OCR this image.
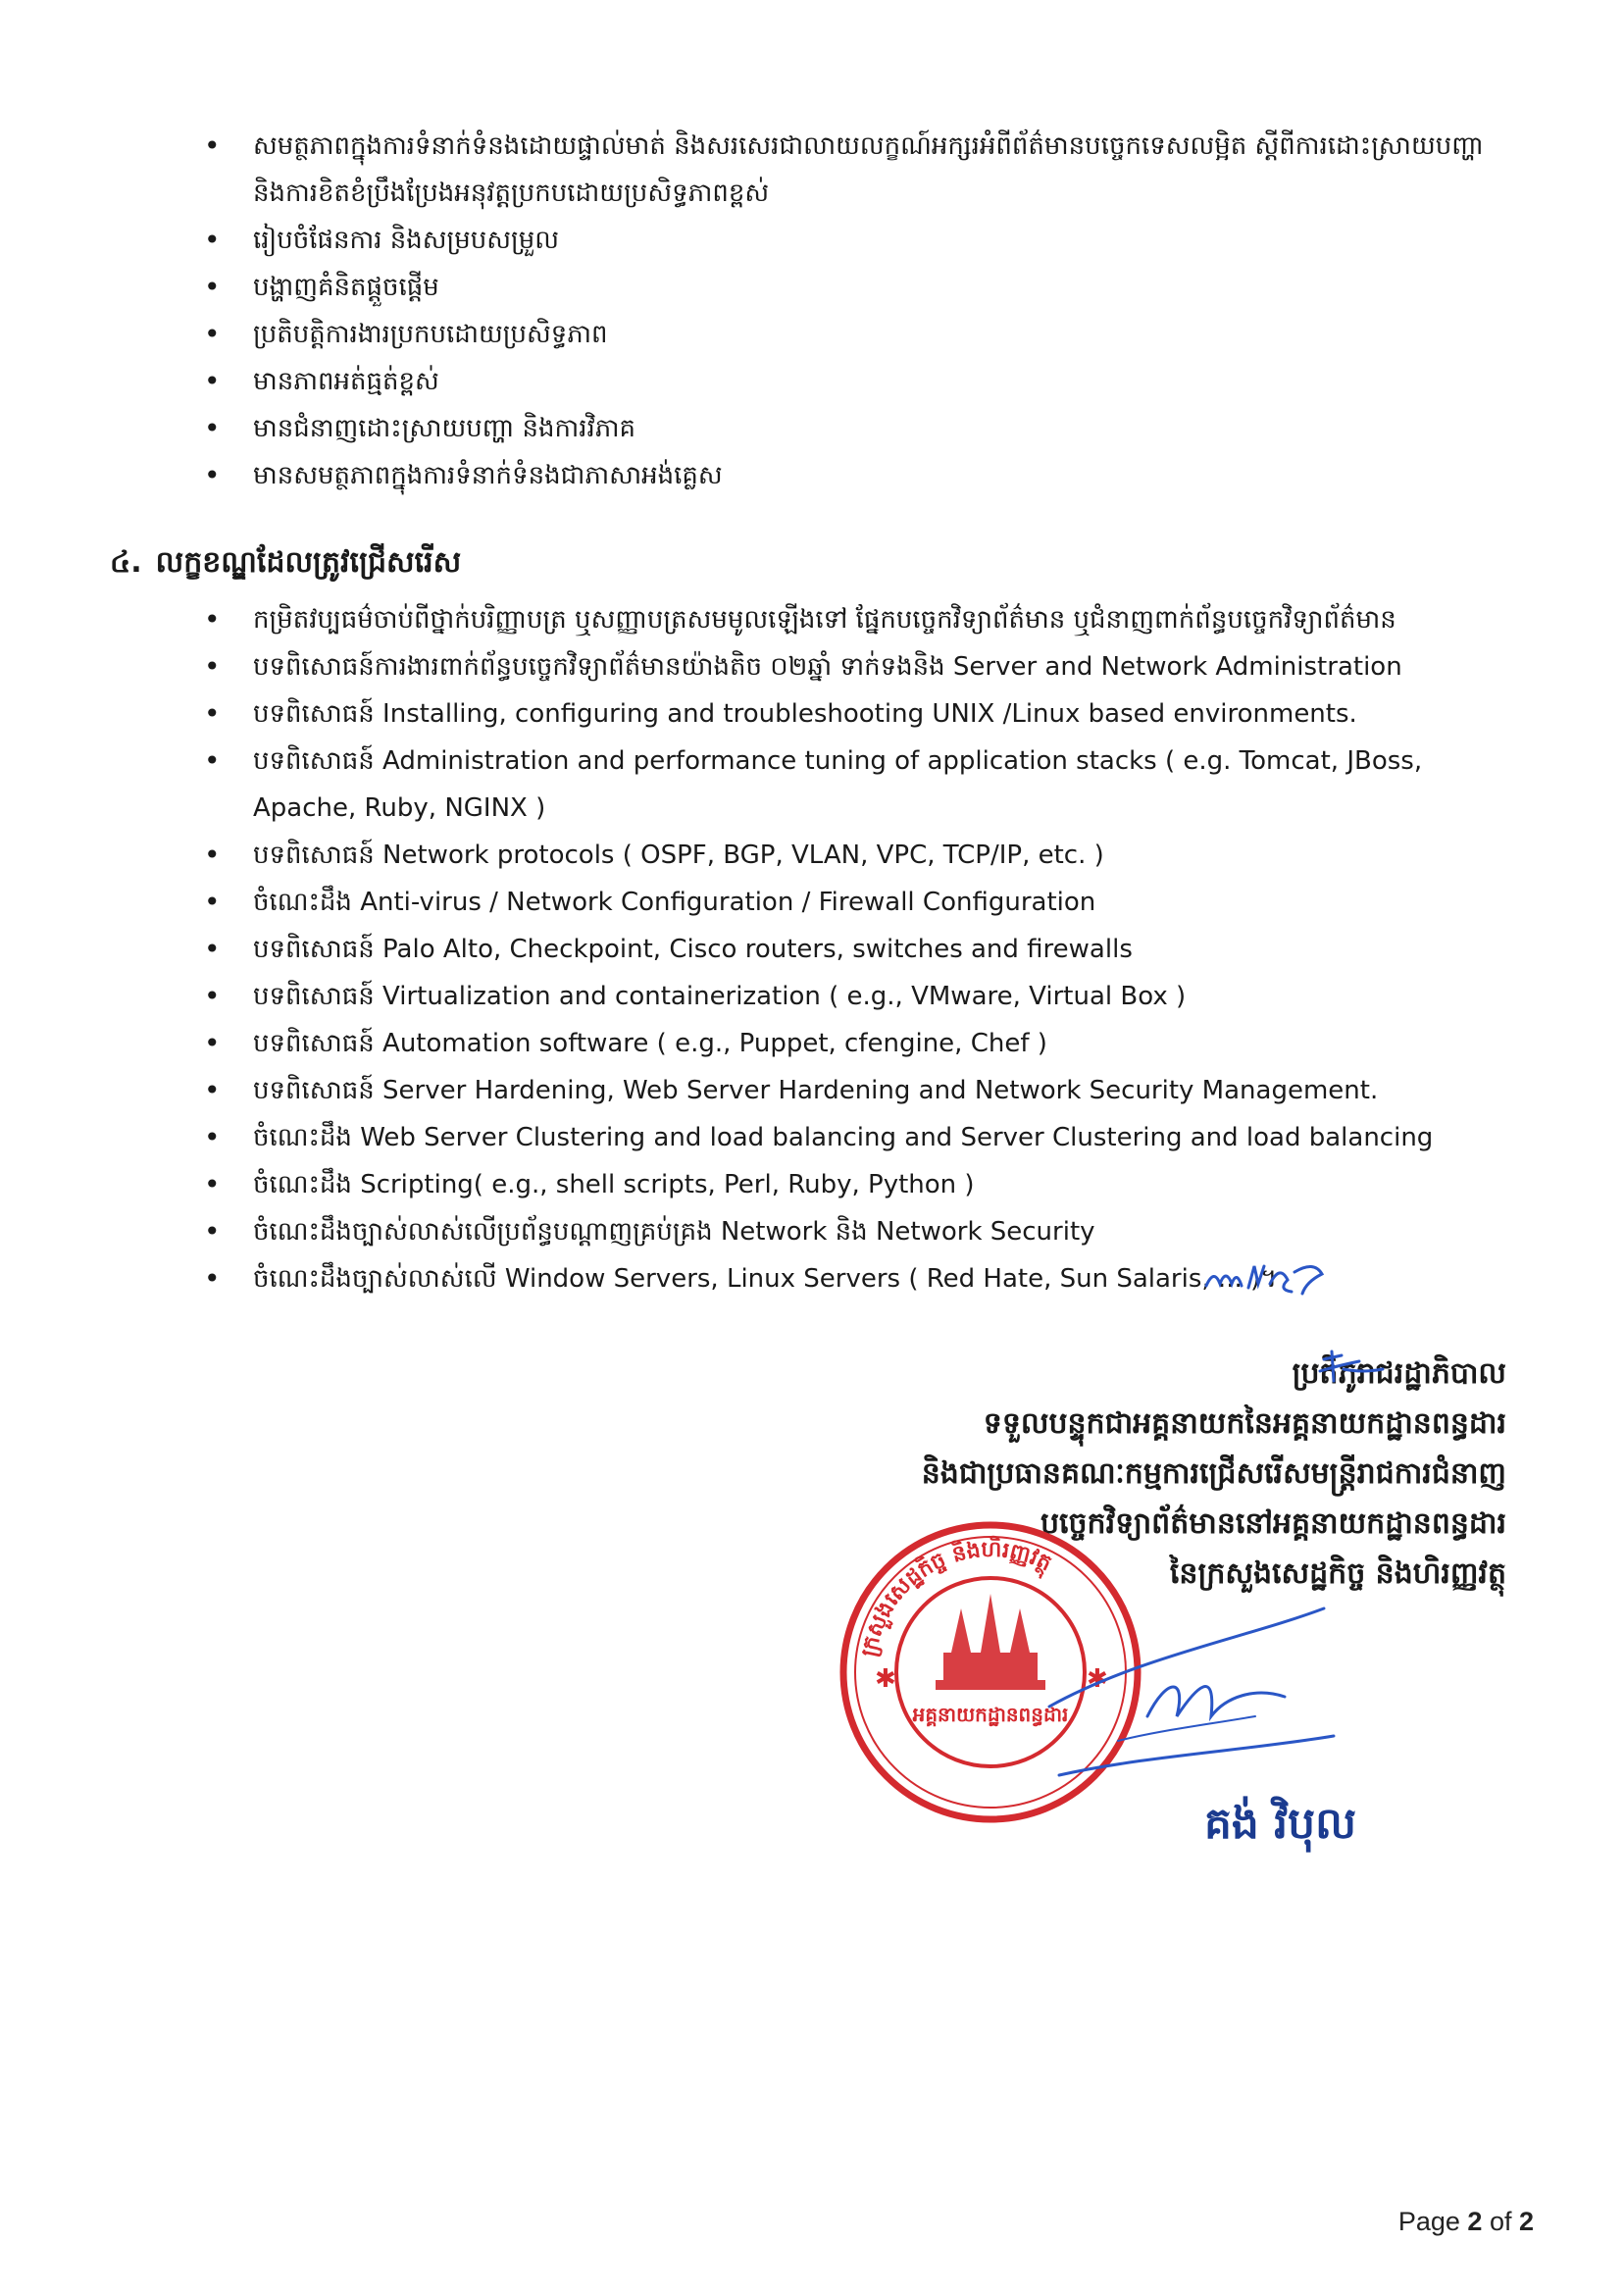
• សមត្ថភាពក្នុងការទំនាក់ទំនងដោយផ្ទាល់មាត់ និងសរសេរជាលាយលក្ខណ៍អក្សរអំពីព័ត៌មានបច្ចេកទេសលម្អិត ស្តីពីការដោះស្រាយបញ្ហានិងការខិតខំប្រឹងប្រែងអនុវត្តប្រកបដោយប្រសិទ្ធភាពខ្ពស់
• រៀបចំផែនការ និងសម្របសម្រួល
• បង្ហាញគំនិតផ្តួចផ្តើម
• ប្រតិបត្តិការងារប្រកបដោយប្រសិទ្ធភាព
• មានភាពអត់ធ្មត់ខ្ពស់
• មានជំនាញដោះស្រាយបញ្ហា និងការវិភាគ
• មានសមត្ថភាពក្នុងការទំនាក់ទំនងជាភាសាអង់គ្លេស
៤. លក្ខខណ្ឌដែលត្រូវជ្រើសរើស
• កម្រិតវប្បធម៌ចាប់ពីថ្នាក់បរិញ្ញាបត្រ ឬសញ្ញាបត្រសមមូលឡើងទៅ ផ្នែកបច្ចេកវិទ្យាព័ត៌មាន ឬជំនាញពាក់ព័ន្ធបច្ចេកវិទ្យាព័ត៌មាន
• បទពិសោធន៍ការងារពាក់ព័ន្ធបច្ចេកវិទ្យាព័ត៌មានយ៉ាងតិច ០២ឆ្នាំ ទាក់ទងនិង Server and Network Administration
• បទពិសោធន៍ Installing, configuring and troubleshooting UNIX /Linux based environments.
• បទពិសោធន៍ Administration and performance tuning of application stacks ( e.g. Tomcat, JBoss, Apache, Ruby, NGINX )
• បទពិសោធន៍ Network protocols ( OSPF, BGP, VLAN, VPC, TCP/IP, etc. )
• ចំណេះដឹង Anti-virus / Network Configuration / Firewall Configuration
• បទពិសោធន៍ Palo Alto, Checkpoint, Cisco routers, switches and firewalls
• បទពិសោធន៍ Virtualization and containerization ( e.g., VMware, Virtual Box )
• បទពិសោធន៍ Automation software ( e.g., Puppet, cfengine, Chef )
• បទពិសោធន៍ Server Hardening, Web Server Hardening and Network Security Management.
• ចំណេះដឹង Web Server Clustering and load balancing and Server Clustering and load balancing
• ចំណេះដឹង Scripting( e.g., shell scripts, Perl, Ruby, Python )
• ចំណេះដឹងច្បាស់លាស់លើប្រព័ន្ធបណ្តាញគ្រប់គ្រង Network និង Network Security
• ចំណេះដឹងច្បាស់លាស់លើ Window Servers, Linux Servers ( Red Hate, Sun Salaris, ... )។
ប្រតិភូរាជរដ្ឋាភិបាល
ទទួលបន្ទុកជាអគ្គនាយកនៃអគ្គនាយកដ្ឋានពន្ធដារ
និងជាប្រធានគណៈកម្មការជ្រើសរើសមន្ត្រីរាជការជំនាញ
បច្ចេកវិទ្យាព័ត៌មាននៅអគ្គនាយកដ្ឋានពន្ធដារ
នៃក្រសួងសេដ្ឋកិច្ច និងហិរញ្ញវត្ថុ
ក្រសួងសេដ្ឋកិច្ច និងហិរញ្ញវត្ថុ
អគ្គនាយកដ្ឋានពន្ធដារ
✱	✱
គង់ វិបុល
Page 2 of 2
